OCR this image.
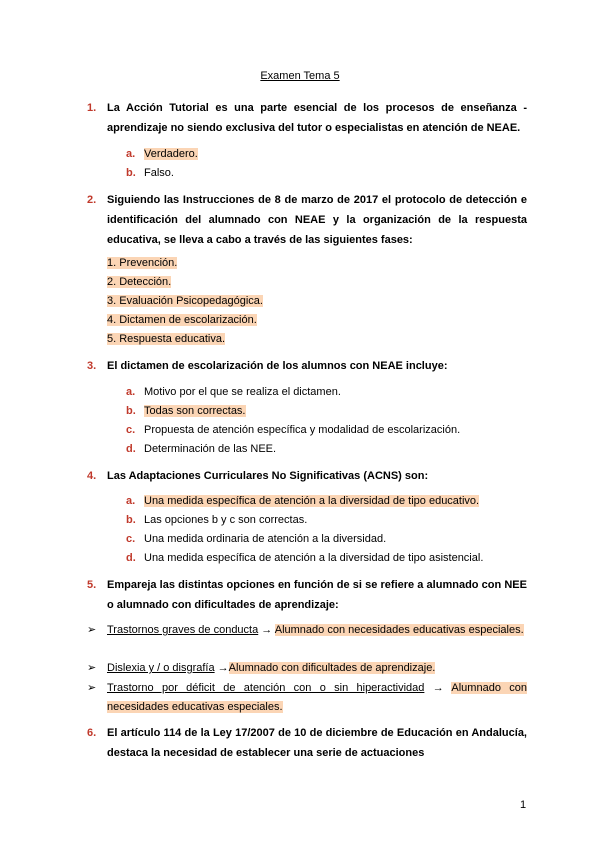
Examen Tema 5
1. La Acción Tutorial es una parte esencial de los procesos de enseñanza - aprendizaje no siendo exclusiva del tutor o especialistas en atención de NEAE.
a. Verdadero.
b. Falso.
2. Siguiendo las Instrucciones de 8 de marzo de 2017 el protocolo de detección e identificación del alumnado con NEAE y la organización de la respuesta educativa, se lleva a cabo a través de las siguientes fases:
1. Prevención.
2. Detección.
3. Evaluación Psicopedagógica.
4. Dictamen de escolarización.
5. Respuesta educativa.
3. El dictamen de escolarización de los alumnos con NEAE incluye:
a. Motivo por el que se realiza el dictamen.
b. Todas son correctas.
c. Propuesta de atención específica y modalidad de escolarización.
d. Determinación de las NEE.
4. Las Adaptaciones Curriculares No Significativas (ACNS) son:
a. Una medida específica de atención a la diversidad de tipo educativo.
b. Las opciones b y c son correctas.
c. Una medida ordinaria de atención a la diversidad.
d. Una medida específica de atención a la diversidad de tipo asistencial.
5. Empareja las distintas opciones en función de si se refiere a alumnado con NEE o alumnado con dificultades de aprendizaje:
➢ Trastornos graves de conducta → Alumnado con necesidades educativas especiales.
➢ Dislexia y / o disgrafía →Alumnado con dificultades de aprendizaje.
➢ Trastorno por déficit de atención con o sin hiperactividad → Alumnado con necesidades educativas especiales.
6. El artículo 114 de la Ley 17/2007 de 10 de diciembre de Educación en Andalucía, destaca la necesidad de establecer una serie de actuaciones
1
